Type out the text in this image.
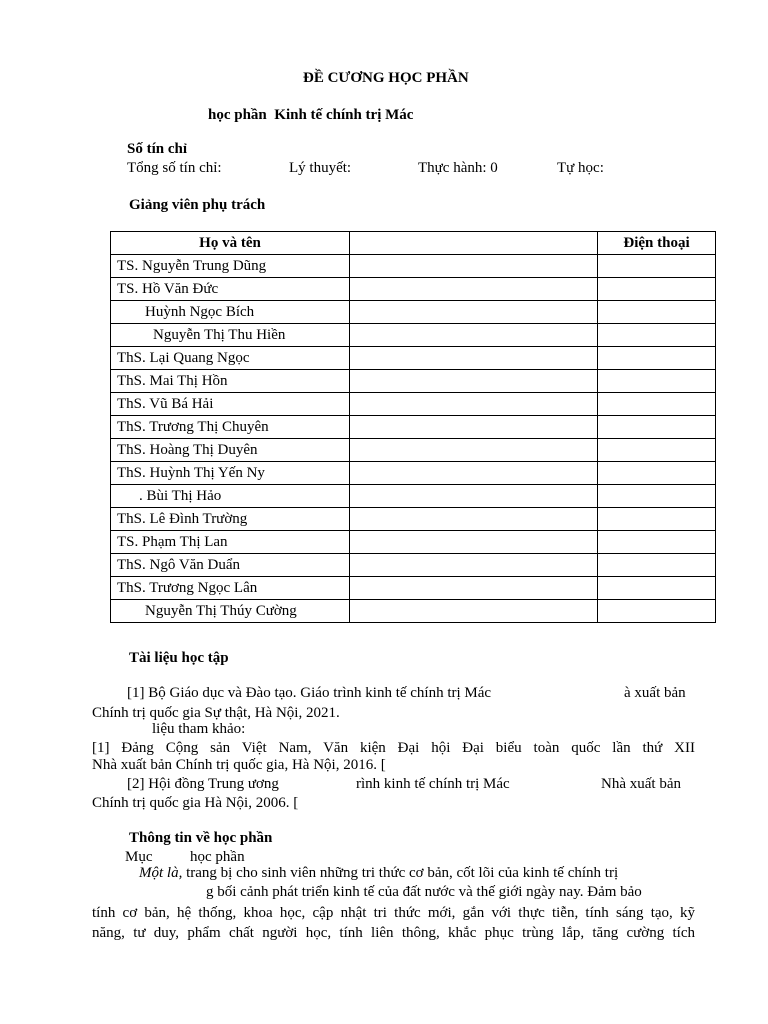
ĐỀ CƯƠNG HỌC PHẦN
học phần Kinh tế chính trị Mác
Số tín chỉ
Tổng số tín chỉ:	Lý thuyết:	Thực hành: 0	Tự học:
Giảng viên phụ trách
Họ và tên		Điện thoại
TS. Nguyễn Trung Dũng		
TS. Hồ Văn Đức		
Huỳnh Ngọc Bích		
Nguyễn Thị Thu Hiền		
ThS. Lại Quang Ngọc		
ThS. Mai Thị Hồn		
ThS. Vũ Bá Hải		
ThS. Trương Thị Chuyên		
ThS. Hoàng Thị Duyên		
ThS. Huỳnh Thị Yến Ny		
. Bùi Thị Hảo		
ThS. Lê Đình Trường		
TS. Phạm Thị Lan		
ThS. Ngô Văn Duẩn		
ThS. Trương Ngọc Lân		
Nguyễn Thị Thúy Cường		
Tài liệu học tập
[1] Bộ Giáo dục và Đào tạo. Giáo trình kinh tế chính trị Mác	à xuất bản
Chính trị quốc gia Sự thật, Hà Nội, 2021.
liệu tham khảo:
[1] Đảng Cộng sản Việt Nam, Văn kiện Đại hội Đại biểu toàn quốc lần thứ XII
Nhà xuất bản Chính trị quốc gia, Hà Nội, 2016. [
[2] Hội đồng Trung ương	rình kinh tế chính trị Mác	Nhà xuất bản
Chính trị quốc gia Hà Nội, 2006. [
Thông tin về học phần
Mục	học phần
Một là, trang bị cho sinh viên những tri thức cơ bản, cốt lõi của kinh tế chính trị
g bối cảnh phát triển kinh tế của đất nước và thế giới ngày nay. Đảm bảo
tính cơ bản, hệ thống, khoa học, cập nhật tri thức mới, gắn với thực tiễn, tính sáng tạo, kỹ
năng, tư duy, phẩm chất người học, tính liên thông, khắc phục trùng lắp, tăng cường tích
